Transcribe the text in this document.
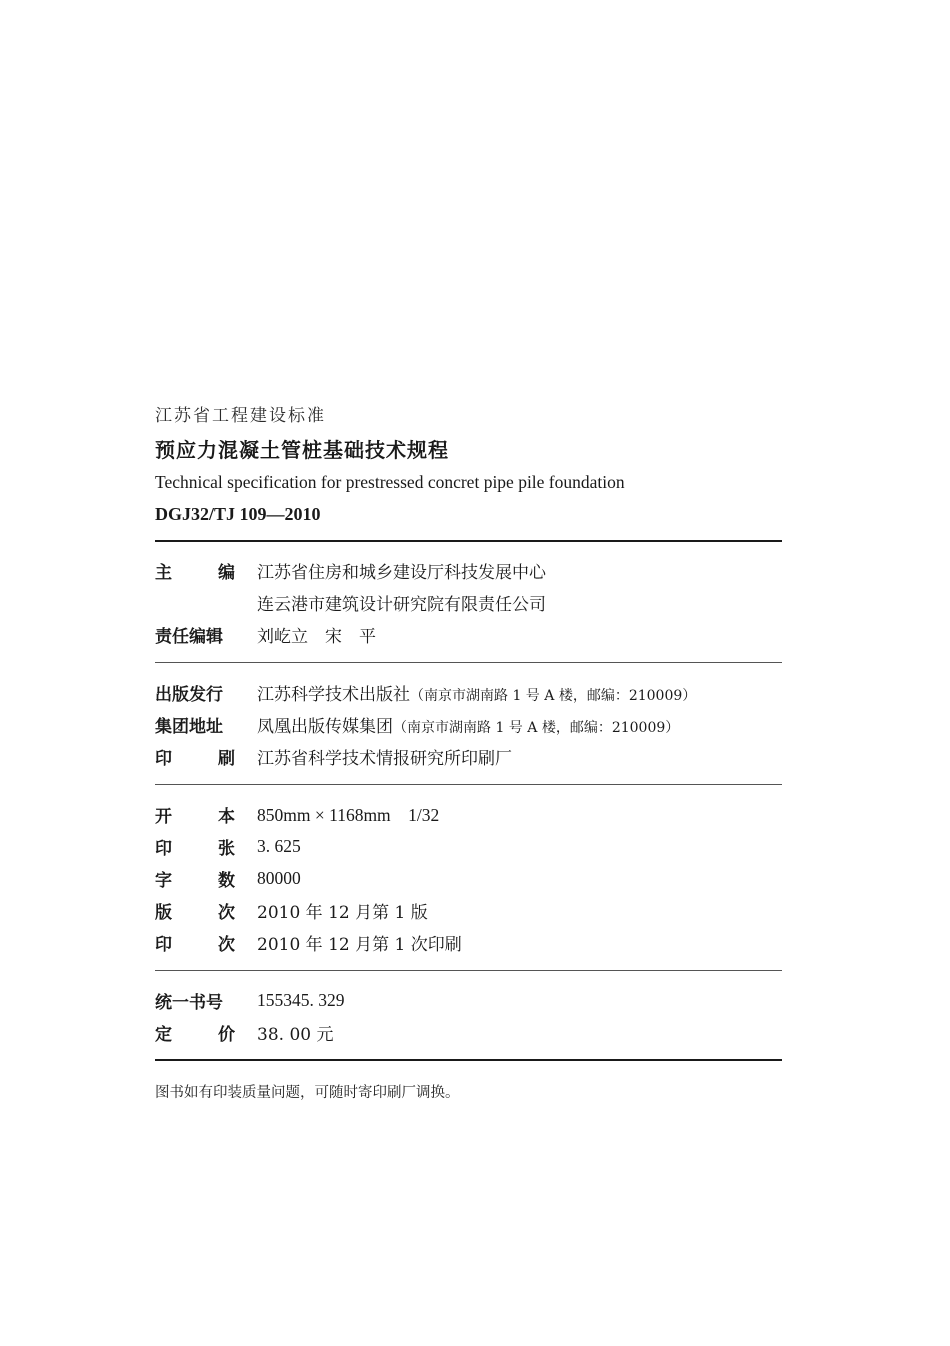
江苏省工程建设标准
预应力混凝土管桩基础技术规程
Technical specification for prestressed concret pipe pile foundation
DGJ32/TJ 109—2010
主	编 江苏省住房和城乡建设厅科技发展中心
连云港市建筑设计研究院有限责任公司
责任编辑	刘屹立　宋　平
出版发行	江苏科学技术出版社（南京市湖南路 1 号 A 楼，邮编：210009）
集团地址	凤凰出版传媒集团（南京市湖南路 1 号 A 楼，邮编：210009）
印	刷 江苏省科学技术情报研究所印刷厂
开	本 850mm × 1168mm　1/32
印	张 3. 625
字	数 80000
版	次 2010 年 12 月第 1 版
印	次 2010 年 12 月第 1 次印刷
统一书号	155345. 329
定	价 38. 00 元
图书如有印装质量问题，可随时寄印刷厂调换。
